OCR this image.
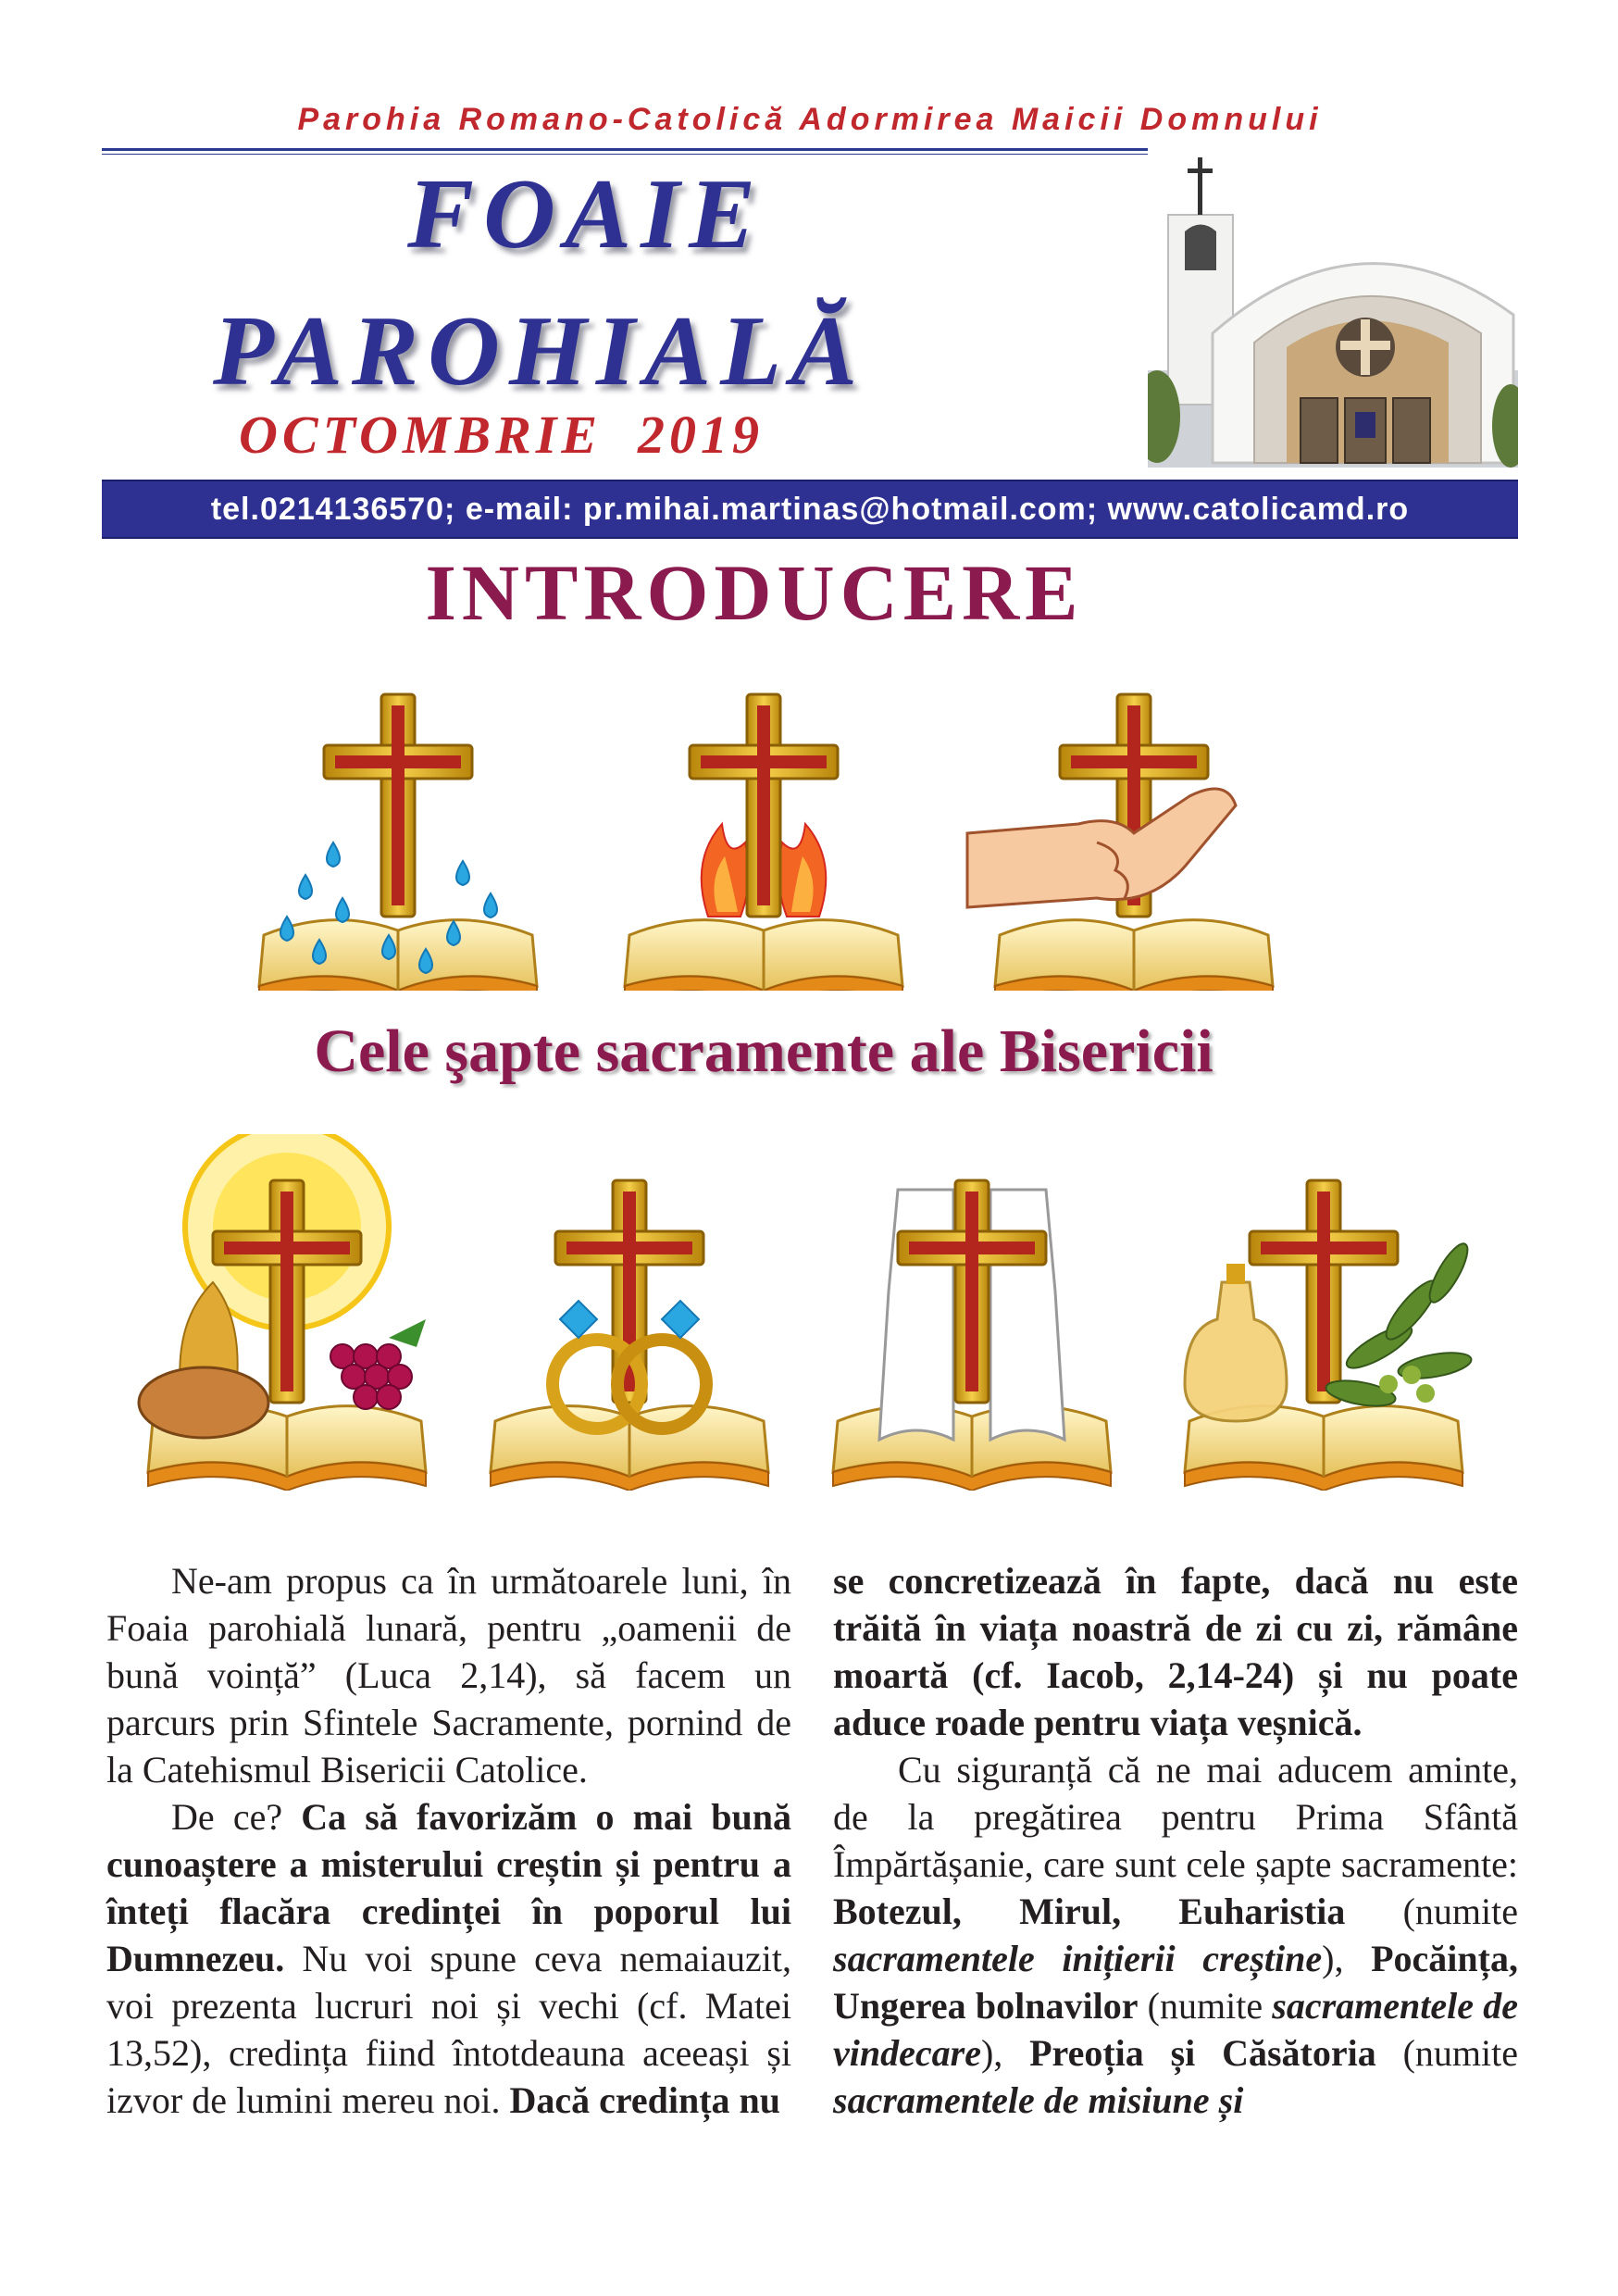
Parohia Romano-Catolică Adormirea Maicii Domnului
FOAIE
PAROHIALĂ
OCTOMBRIE  2019
tel.0214136570; e-mail: pr.mihai.martinas@hotmail.com; www.catolicamd.ro
INTRODUCERE
Cele şapte sacramente ale Bisericii

Ne-am propus ca în următoarele luni, în Foaia parohială lunară, pentru „oamenii de bună voință” (Luca 2,14), să facem un parcurs prin Sfintele Sacramente, pornind de la Catehismul Bisericii Catolice.

De ce? Ca să favorizăm o mai bună cunoaștere a misterului creștin și pentru a înteți flacăra credinței în poporul lui Dumnezeu. Nu voi spune ceva nemaiauzit, voi prezenta lucruri noi și vechi (cf. Matei 13,52), credința fiind întotdeauna aceeași și izvor de lumini mereu noi. Dacă credința nu

se concretizează în fapte, dacă nu este trăită în viața noastră de zi cu zi, rămâne moartă (cf. Iacob, 2,14-24) și nu poate aduce roade pentru viața veșnică.

Cu siguranță că ne mai aducem aminte, de la pregătirea pentru Prima Sfântă Împărtășanie, care sunt cele șapte sacramente: Botezul, Mirul, Euharistia (numite sacramentele inițierii creștine), Pocăința, Ungerea bolnavilor (numite sacramentele de vindecare), Preoția și Căsătoria (numite sacramentele de misiune și
